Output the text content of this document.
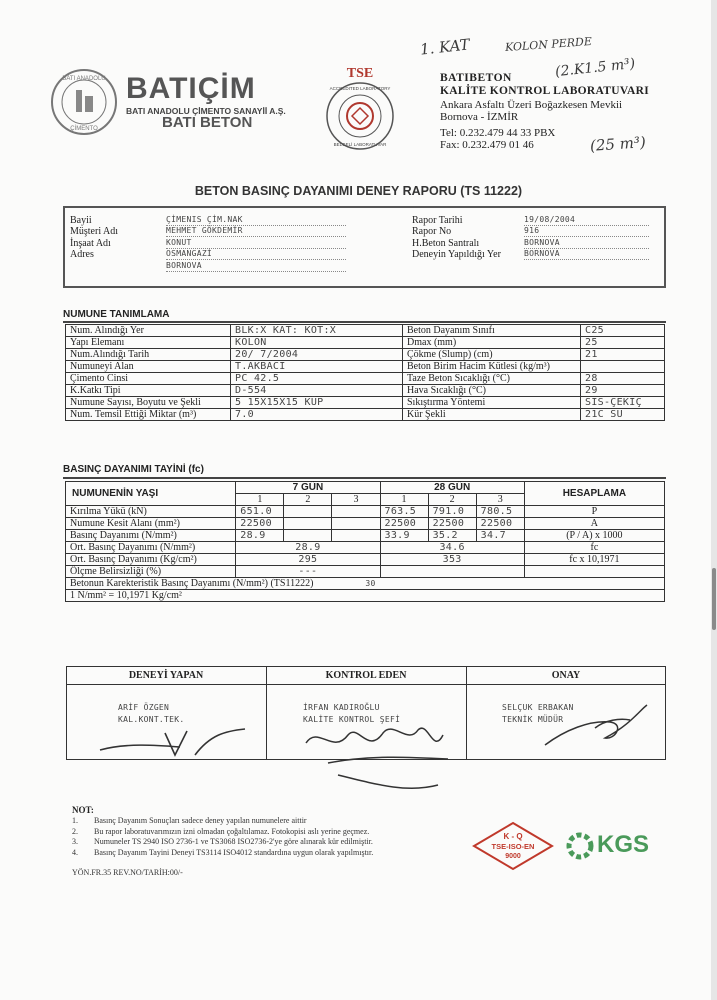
1. KAT	KOLON PERDE
(2.K1.5 m³)
(25 m³)
BATI ANADOLU
ÇİMENTO
BATIÇİM
BATI ANADOLU ÇİMENTO SANAYİİ A.Ş.
BATI BETON
TSE
ACCREDITED LABORATORY
BELGELİ LABORATUVAR
BATIBETON
KALİTE KONTROL LABORATUVARI
Ankara Asfaltı Üzeri Boğazkesen Mevkii
Bornova - İZMİR
Tel: 0.232.479 44 33 PBX
Fax: 0.232.479 01 46
BETON BASINÇ DAYANIMI DENEY RAPORU (TS 11222)
Bayii	ÇİMENIS ÇİM.NAK
Müşteri Adı	MEHMET GÖKDEMİR
İnşaat Adı	KONUT
Adres	OSMANGAZİ
BORNOVA
Rapor Tarihi	19/08/2004
Rapor No	916
H.Beton Santralı	BORNOVA
Deneyin Yapıldığı Yer	BORNOVA
NUMUNE TANIMLAMA
Num. Alındığı Yer	BLK:X KAT: KOT:X	Beton Dayanım Sınıfı	C25
Yapı Elemanı	KOLON	Dmax (mm)	25
Num.Alındığı Tarih	20/ 7/2004	Çökme (Slump) (cm)	21
Numuneyi Alan	T.AKBACI	Beton Birim Hacim Kütlesi (kg/m³)	
Çimento Cinsi	PC 42.5	Taze Beton Sıcaklığı (°C)	28
K.Katkı Tipi	D-554	Hava Sıcaklığı (°C)	29
Numune Sayısı, Boyutu ve Şekli	5 15X15X15 KÜP	Sıkıştırma Yöntemi	SIS-ÇEKİÇ
Num. Temsil Ettiği Miktar (m³)	7.0	Kür Şekli	21C SU
BASINÇ DAYANIMI TAYİNİ (fc)
NUMUNENİN YAŞI	7 GÜN			28 GÜN			HESAPLAMA
	1	2	3	1	2	3	
Kırılma Yükü (kN)	651.0			763.5	791.0	780.5	P
Numune Kesit Alanı (mm²)	22500			22500	22500	22500	A
Basınç Dayanımı (N/mm²)	28.9			33.9	35.2	34.7	(P / A) x 1000
Ort. Basınç Dayanımı (N/mm²)	28.9			34.6			fc
Ort. Basınç Dayanımı (Kg/cm²)	295			353			fc x 10,1971
Ölçme Belirsizliği (%)	---						
Betonun Karekteristik Basınç Dayanımı (N/mm²) (TS11222) 30							
1 N/mm² = 10,1971 Kg/cm²							
DENEYİ YAPAN	KONTROL EDEN	ONAY
ARİF ÖZGEN
KAL.KONT.TEK.
İRFAN KADIROĞLU
KALİTE KONTROL ŞEFİ
SELÇUK ERBAKAN
TEKNİK MÜDÜR
NOT:
1.	Basınç Dayanım Sonuçları sadece deney yapılan numunelere aittir
2.	Bu rapor laboratuvarımızın izni olmadan çoğaltılamaz. Fotokopisi aslı yerine geçmez.
3.	Numuneler TS 2940 ISO 2736-1 ve TS3068 ISO2736-2'ye göre alınarak kür edilmiştir.
4.	Basınç Dayanım Tayini Deneyi TS3114 ISO4012 standardına uygun olarak yapılmıştır.
YÖN.FR.35 REV.NO/TARİH:00/-
K - Q
TSE-ISO-EN
9000	KGS
